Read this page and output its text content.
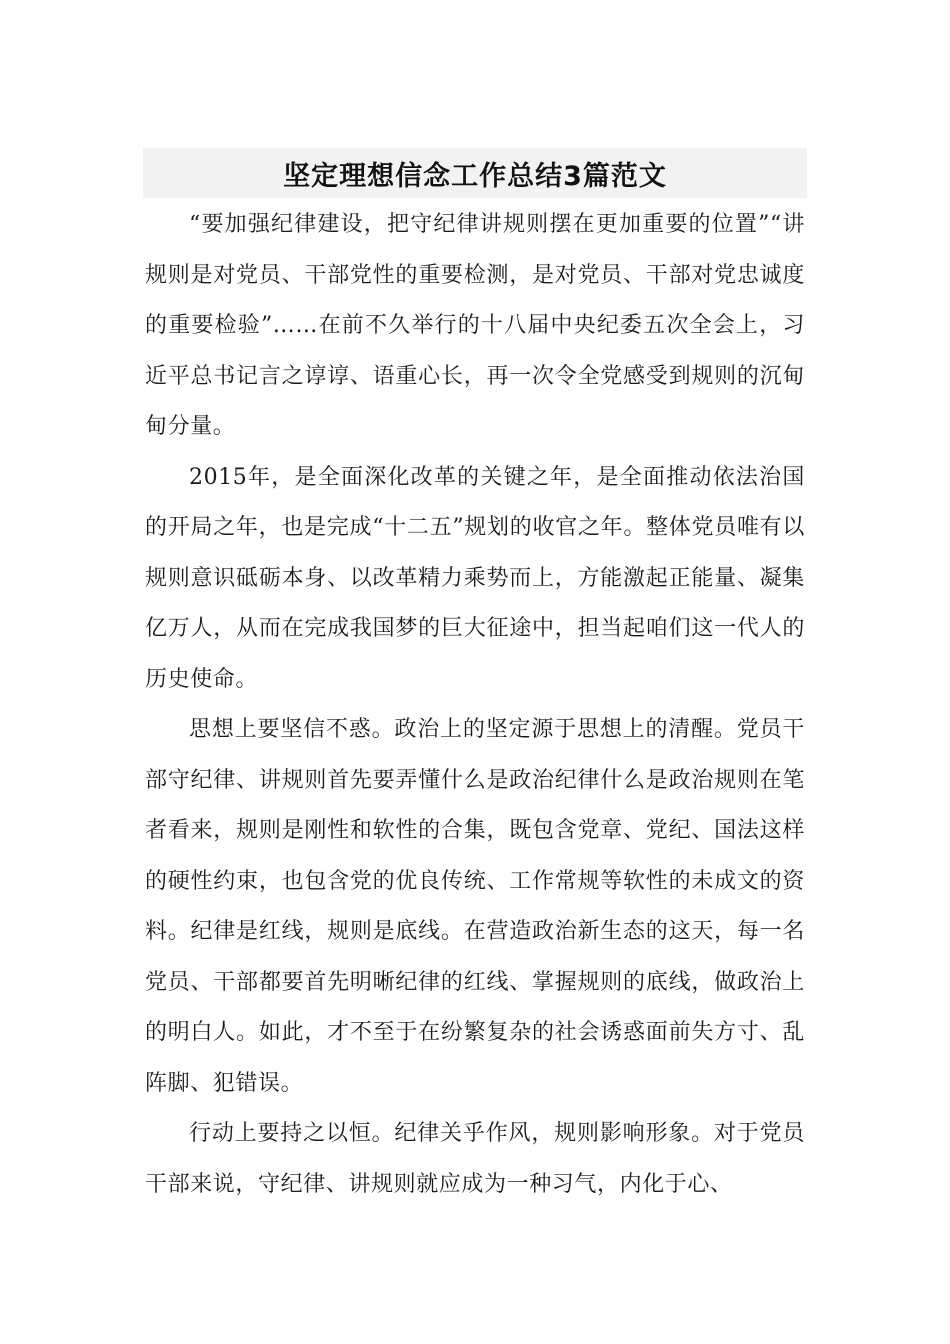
坚定理想信念工作总结3篇范文

“要加强纪律建设，把守纪律讲规则摆在更加重要的位置”“讲规则是对党员、干部党性的重要检测，是对党员、干部对党忠诚度的重要检验”……在前不久举行的十八届中央纪委五次全会上，习近平总书记言之谆谆、语重心长，再一次令全党感受到规则的沉甸甸分量。

2015年，是全面深化改革的关键之年，是全面推动依法治国的开局之年，也是完成“十二五”规划的收官之年。整体党员唯有以规则意识砥砺本身、以改革精力乘势而上，方能激起正能量、凝集亿万人，从而在完成我国梦的巨大征途中，担当起咱们这一代人的历史使命。

思想上要坚信不惑。政治上的坚定源于思想上的清醒。党员干部守纪律、讲规则首先要弄懂什么是政治纪律什么是政治规则在笔者看来，规则是刚性和软性的合集，既包含党章、党纪、国法这样的硬性约束，也包含党的优良传统、工作常规等软性的未成文的资料。纪律是红线，规则是底线。在营造政治新生态的这天，每一名党员、干部都要首先明晰纪律的红线、掌握规则的底线，做政治上的明白人。如此，才不至于在纷繁复杂的社会诱惑面前失方寸、乱阵脚、犯错误。

行动上要持之以恒。纪律关乎作风，规则影响形象。对于党员干部来说，守纪律、讲规则就应成为一种习气，内化于心、
